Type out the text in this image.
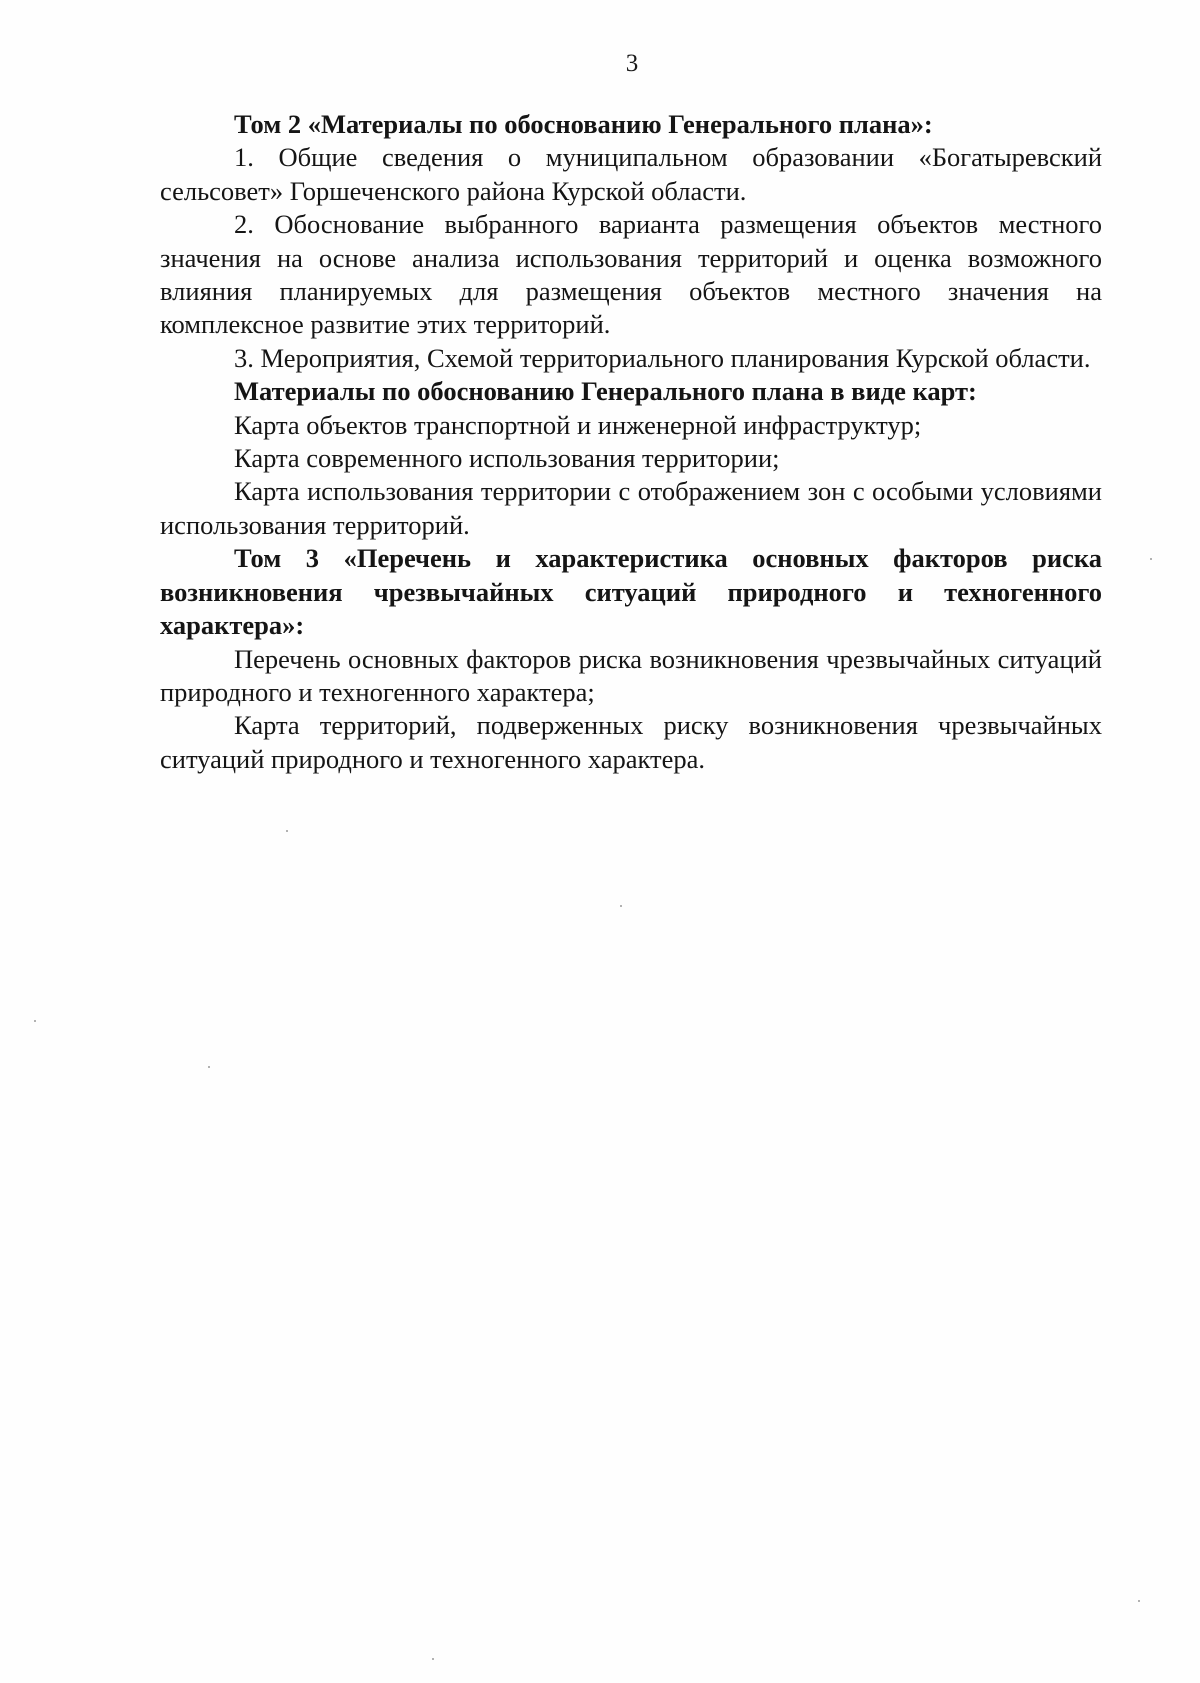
3

Том 2 «Материалы по обоснованию Генерального плана»:

1. Общие сведения о муниципальном образовании «Богатыревский сельсовет» Горшеченского района Курской области.

2. Обоснование выбранного варианта размещения объектов местного значения на основе анализа использования территорий и оценка возможного влияния планируемых для размещения объектов местного значения на комплексное развитие этих территорий.

3. Мероприятия, Схемой территориального планирования Курской области.

Материалы по обоснованию Генерального плана в виде карт:

Карта объектов транспортной и инженерной инфраструктур;

Карта современного использования территории;

Карта использования территории с отображением зон с особыми условиями использования территорий.

Том 3 «Перечень и характеристика основных факторов риска возникновения чрезвычайных ситуаций природного и техногенного характера»:

Перечень основных факторов риска возникновения чрезвычайных ситуаций природного и техногенного характера;

Карта территорий, подверженных риску возникновения чрезвычайных ситуаций природного и техногенного характера.
